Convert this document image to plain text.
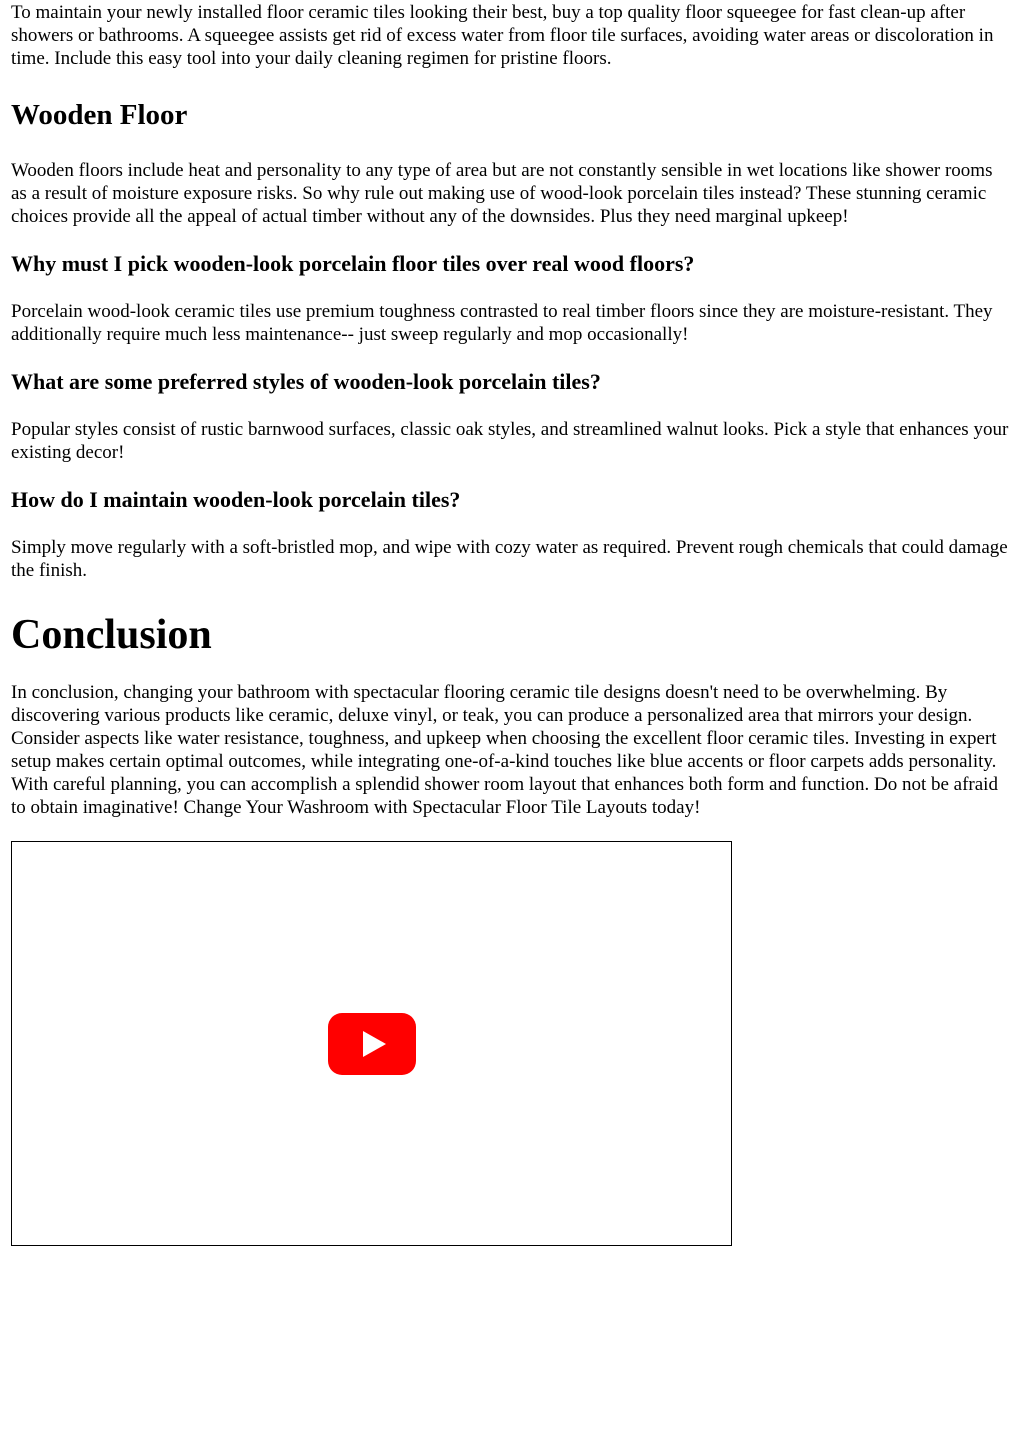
To maintain your newly installed floor ceramic tiles looking their best, buy a top quality floor squeegee for fast clean-up after showers or bathrooms. A squeegee assists get rid of excess water from floor tile surfaces, avoiding water areas or discoloration in time. Include this easy tool into your daily cleaning regimen for pristine floors.

Wooden Floor

Wooden floors include heat and personality to any type of area but are not constantly sensible in wet locations like shower rooms as a result of moisture exposure risks. So why rule out making use of wood-look porcelain tiles instead? These stunning ceramic choices provide all the appeal of actual timber without any of the downsides. Plus they need marginal upkeep!

Why must I pick wooden-look porcelain floor tiles over real wood floors?

Porcelain wood-look ceramic tiles use premium toughness contrasted to real timber floors since they are moisture-resistant. They additionally require much less maintenance-- just sweep regularly and mop occasionally!

What are some preferred styles of wooden-look porcelain tiles?

Popular styles consist of rustic barnwood surfaces, classic oak styles, and streamlined walnut looks. Pick a style that enhances your existing decor!

How do I maintain wooden-look porcelain tiles?

Simply move regularly with a soft-bristled mop, and wipe with cozy water as required. Prevent rough chemicals that could damage the finish.

Conclusion

In conclusion, changing your bathroom with spectacular flooring ceramic tile designs doesn't need to be overwhelming. By discovering various products like ceramic, deluxe vinyl, or teak, you can produce a personalized area that mirrors your design. Consider aspects like water resistance, toughness, and upkeep when choosing the excellent floor ceramic tiles. Investing in expert setup makes certain optimal outcomes, while integrating one-of-a-kind touches like blue accents or floor carpets adds personality. With careful planning, you can accomplish a splendid shower room layout that enhances both form and function. Do not be afraid to obtain imaginative! Change Your Washroom with Spectacular Floor Tile Layouts today!
